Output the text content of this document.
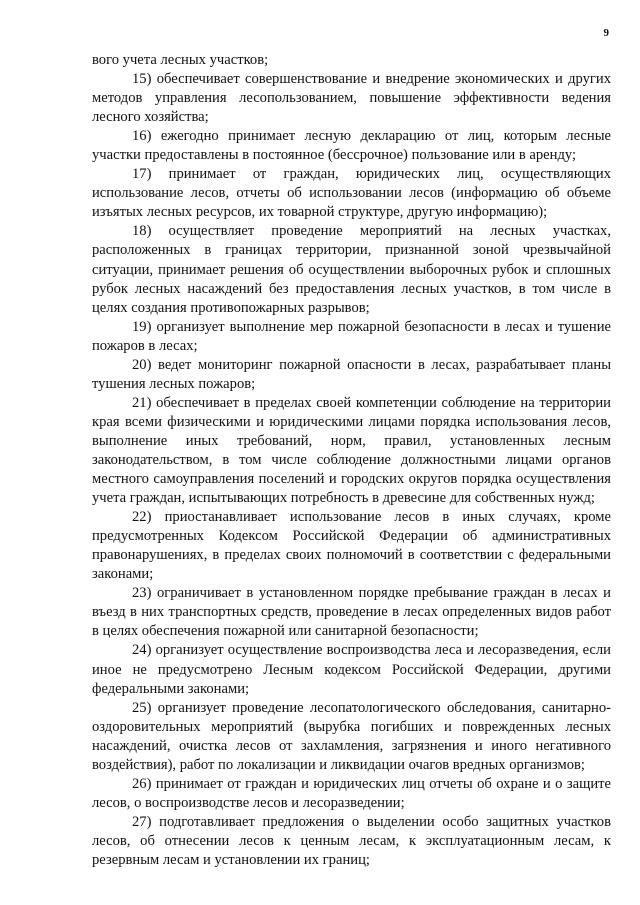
9

вого учета лесных участков;

15) обеспечивает совершенствование и внедрение экономических и других методов управления лесопользованием, повышение эффективности ведения лесного хозяйства;

16) ежегодно принимает лесную декларацию от лиц, которым лесные участки предоставлены в постоянное (бессрочное) пользование или в аренду;

17) принимает от граждан, юридических лиц, осуществляющих использование лесов, отчеты об использовании лесов (информацию об объеме изъятых лесных ресурсов, их товарной структуре, другую информацию);

18) осуществляет проведение мероприятий на лесных участках, расположенных в границах территории, признанной зоной чрезвычайной ситуации, принимает решения об осуществлении выборочных рубок и сплошных рубок лесных насаждений без предоставления лесных участков, в том числе в целях создания противопожарных разрывов;

19) организует выполнение мер пожарной безопасности в лесах и тушение пожаров в лесах;

20) ведет мониторинг пожарной опасности в лесах, разрабатывает планы тушения лесных пожаров;

21) обеспечивает в пределах своей компетенции соблюдение на территории края всеми физическими и юридическими лицами порядка использования лесов, выполнение иных требований, норм, правил, установленных лесным законодательством, в том числе соблюдение должностными лицами органов местного самоуправления поселений и городских округов порядка осуществления учета граждан, испытывающих потребность в древесине для собственных нужд;

22) приостанавливает использование лесов в иных случаях, кроме предусмотренных Кодексом Российской Федерации об административных правонарушениях, в пределах своих полномочий в соответствии с федеральными законами;

23) ограничивает в установленном порядке пребывание граждан в лесах и въезд в них транспортных средств, проведение в лесах определенных видов работ в целях обеспечения пожарной или санитарной безопасности;

24) организует осуществление воспроизводства леса и лесоразведения, если иное не предусмотрено Лесным кодексом Российской Федерации, другими федеральными законами;

25) организует проведение лесопатологического обследования, санитарно-оздоровительных мероприятий (вырубка погибших и поврежденных лесных насаждений, очистка лесов от захламления, загрязнения и иного негативного воздействия), работ по локализации и ликвидации очагов вредных организмов;

26) принимает от граждан и юридических лиц отчеты об охране и о защите лесов, о воспроизводстве лесов и лесоразведении;

27) подготавливает предложения о выделении особо защитных участков лесов, об отнесении лесов к ценным лесам, к эксплуатационным лесам, к резервным лесам и установлении их границ;
